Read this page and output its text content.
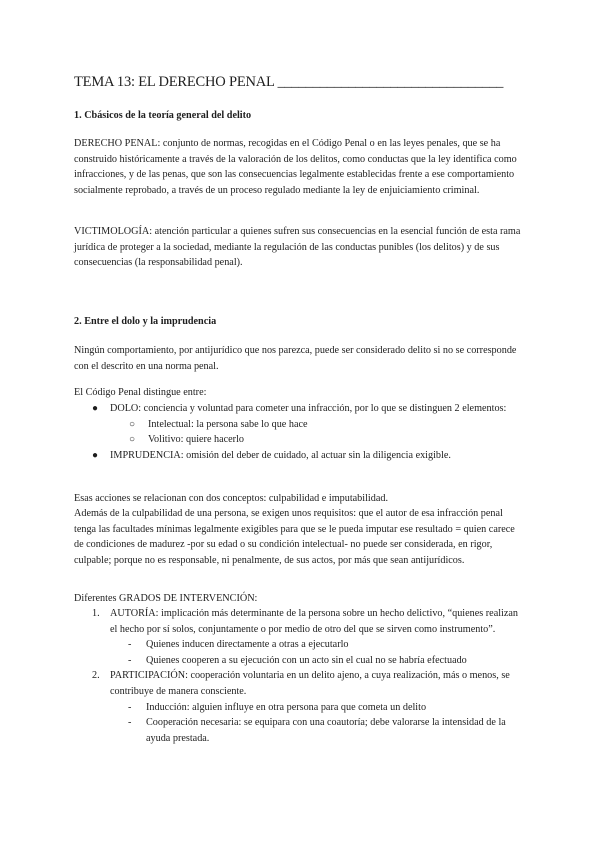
TEMA 13: EL DERECHO PENAL ________________________________
1. Cbásicos de la teoría general del delito

DERECHO PENAL: conjunto de normas, recogidas en el Código Penal o en las leyes penales, que se ha construido históricamente a través de la valoración de los delitos, como conductas que la ley identifica como infracciones, y de las penas, que son las consecuencias legalmente establecidas frente a ese comportamiento socialmente reprobado, a través de un proceso regulado mediante la ley de enjuiciamiento criminal.

VICTIMOLOGÍA: atención particular a quienes sufren sus consecuencias en la esencial función de esta rama jurídica de proteger a la sociedad, mediante la regulación de las conductas punibles (los delitos) y de sus consecuencias (la responsabilidad penal).

2. Entre el dolo y la imprudencia
Ningún comportamiento, por antijurídico que nos parezca, puede ser considerado delito si no se corresponde con el descrito en una norma penal.
El Código Penal distingue entre:
● DOLO: conciencia y voluntad para cometer una infracción, por lo que se distinguen 2 elementos:
○ Intelectual: la persona sabe lo que hace
○ Volitivo: quiere hacerlo
● IMPRUDENCIA: omisión del deber de cuidado, al actuar sin la diligencia exigible.
Esas acciones se relacionan con dos conceptos: culpabilidad e imputabilidad.
Además de la culpabilidad de una persona, se exigen unos requisitos: que el autor de esa infracción penal tenga las facultades mínimas legalmente exigibles para que se le pueda imputar ese resultado = quien carece de condiciones de madurez -por su edad o su condición intelectual- no puede ser considerada, en rigor, culpable; porque no es responsable, ni penalmente, de sus actos, por más que sean antijurídicos.
Diferentes GRADOS DE INTERVENCIÓN:
1. AUTORÍA: implicación más determinante de la persona sobre un hecho delictivo, “quienes realizan el hecho por sí solos, conjuntamente o por medio de otro del que se sirven como instrumento”.
- Quienes inducen directamente a otras a ejecutarlo
- Quienes cooperen a su ejecución con un acto sin el cual no se habría efectuado
2. PARTICIPACIÓN: cooperación voluntaria en un delito ajeno, a cuya realización, más o menos, se contribuye de manera consciente.
- Inducción: alguien influye en otra persona para que cometa un delito
- Cooperación necesaria: se equipara con una coautoría; debe valorarse la intensidad de la ayuda prestada.
